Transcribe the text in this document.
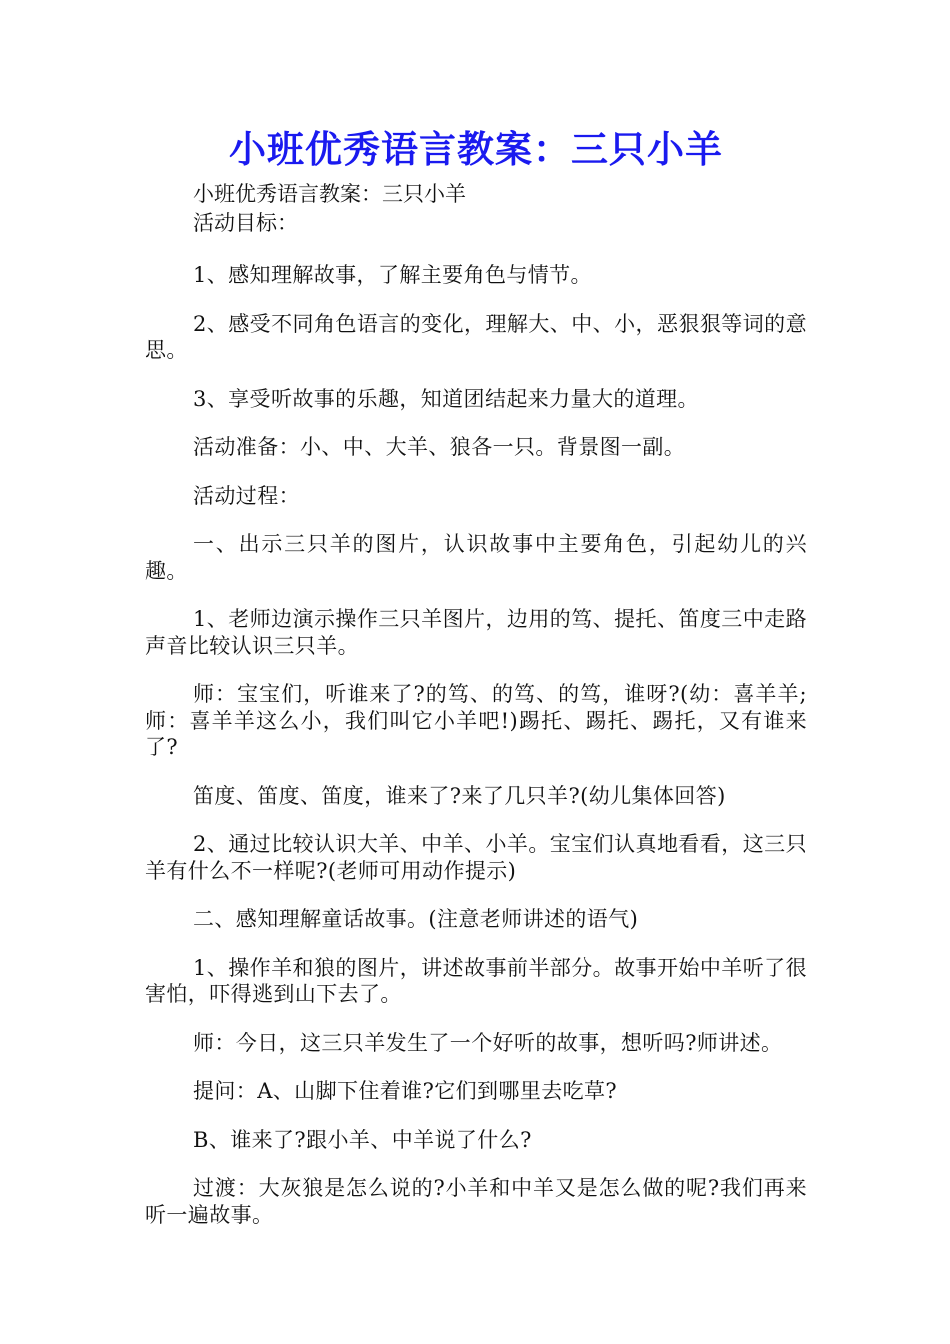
小班优秀语言教案：三只小羊

小班优秀语言教案：三只小羊

活动目标：

1、感知理解故事，了解主要角色与情节。

2、感受不同角色语言的变化，理解大、中、小，恶狠狠等词的意思。

3、享受听故事的乐趣，知道团结起来力量大的道理。

活动准备：小、中、大羊、狼各一只。背景图一副。

活动过程：

一、出示三只羊的图片，认识故事中主要角色，引起幼儿的兴趣。

1、老师边演示操作三只羊图片，边用的笃、提托、笛度三中走路声音比较认识三只羊。

师：宝宝们，听谁来了?的笃、的笃、的笃，谁呀?(幼：喜羊羊;师：喜羊羊这么小，我们叫它小羊吧!)踢托、踢托、踢托，又有谁来了?

笛度、笛度、笛度，谁来了?来了几只羊?(幼儿集体回答)

2、通过比较认识大羊、中羊、小羊。宝宝们认真地看看，这三只羊有什么不一样呢?(老师可用动作提示)

二、感知理解童话故事。(注意老师讲述的语气)

1、操作羊和狼的图片，讲述故事前半部分。故事开始中羊听了很害怕，吓得逃到山下去了。

师：今日，这三只羊发生了一个好听的故事，想听吗?师讲述。

提问：A、山脚下住着谁?它们到哪里去吃草?

B、谁来了?跟小羊、中羊说了什么?

过渡：大灰狼是怎么说的?小羊和中羊又是怎么做的呢?我们再来听一遍故事。
